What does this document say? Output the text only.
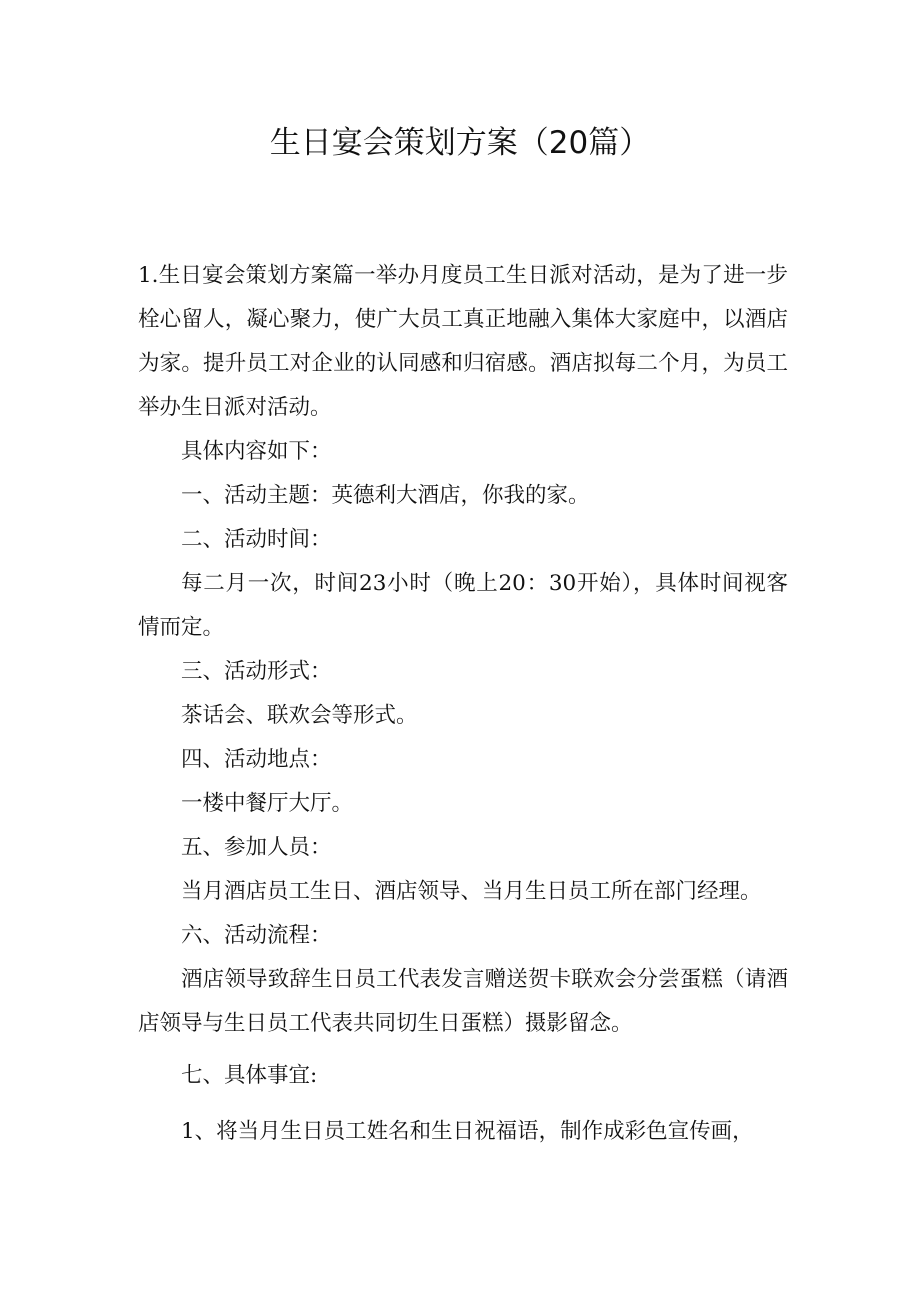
生日宴会策划方案（20篇）

1.生日宴会策划方案篇一举办月度员工生日派对活动，是为了进一步栓心留人，凝心聚力，使广大员工真正地融入集体大家庭中，以酒店为家。提升员工对企业的认同感和归宿感。酒店拟每二个月，为员工举办生日派对活动。

具体内容如下：

一、活动主题：英德利大酒店，你我的家。

二、活动时间：

每二月一次，时间23小时（晚上20：30开始），具体时间视客情而定。

三、活动形式：

茶话会、联欢会等形式。

四、活动地点：

一楼中餐厅大厅。

五、参加人员：

当月酒店员工生日、酒店领导、当月生日员工所在部门经理。

六、活动流程：

酒店领导致辞生日员工代表发言赠送贺卡联欢会分尝蛋糕（请酒店领导与生日员工代表共同切生日蛋糕）摄影留念。

七、具体事宜:

1、将当月生日员工姓名和生日祝福语，制作成彩色宣传画，
